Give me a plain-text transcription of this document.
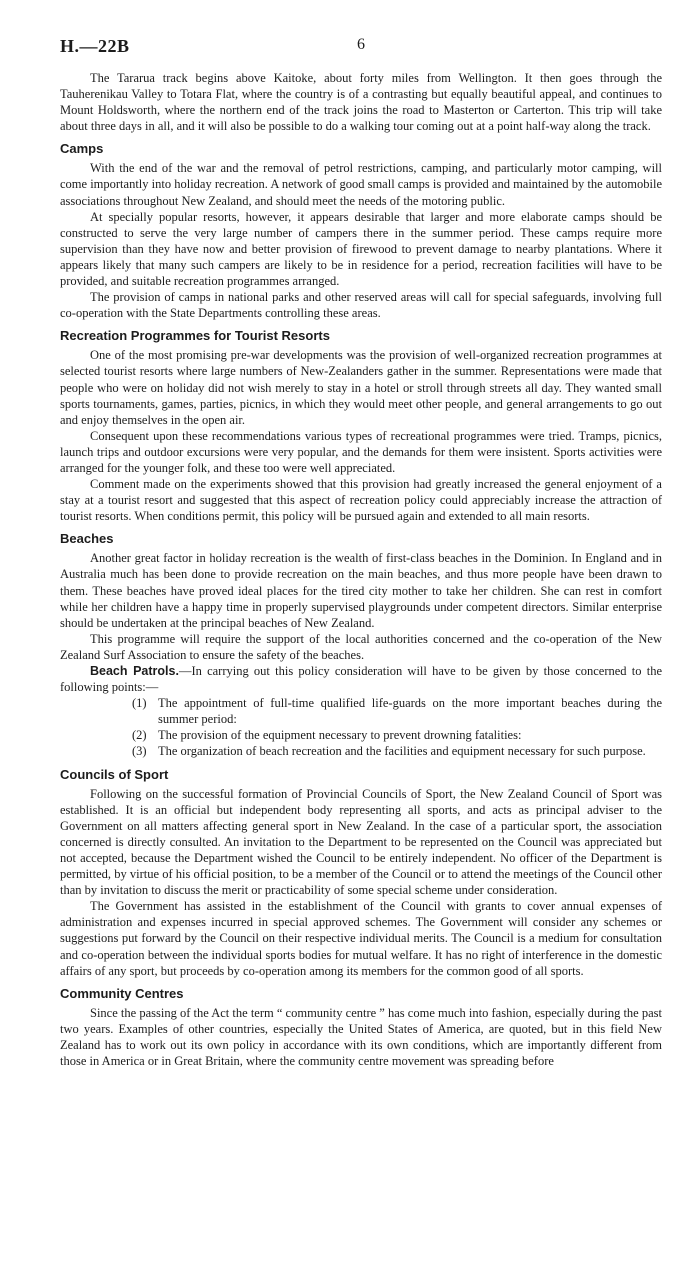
H.—22B	6

The Tararua track begins above Kaitoke, about forty miles from Wellington. It then goes through the Tauherenikau Valley to Totara Flat, where the country is of a contrasting but equally beautiful appeal, and continues to Mount Holdsworth, where the northern end of the track joins the road to Masterton or Carterton. This trip will take about three days in all, and it will also be possible to do a walking tour coming out at a point half-way along the track.

Camps

With the end of the war and the removal of petrol restrictions, camping, and particularly motor camping, will come importantly into holiday recreation. A network of good small camps is provided and maintained by the automobile associations throughout New Zealand, and should meet the needs of the motoring public.

At specially popular resorts, however, it appears desirable that larger and more elaborate camps should be constructed to serve the very large number of campers there in the summer period. These camps require more supervision than they have now and better provision of firewood to prevent damage to nearby plantations. Where it appears likely that many such campers are likely to be in residence for a period, recreation facilities will have to be provided, and suitable recreation programmes arranged.

The provision of camps in national parks and other reserved areas will call for special safeguards, involving full co-operation with the State Departments controlling these areas.

Recreation Programmes for Tourist Resorts

One of the most promising pre-war developments was the provision of well-organized recreation programmes at selected tourist resorts where large numbers of New-Zealanders gather in the summer. Representations were made that people who were on holiday did not wish merely to stay in a hotel or stroll through streets all day. They wanted small sports tournaments, games, parties, picnics, in which they would meet other people, and general arrangements to go out and enjoy themselves in the open air.

Consequent upon these recommendations various types of recreational programmes were tried. Tramps, picnics, launch trips and outdoor excursions were very popular, and the demands for them were insistent. Sports activities were arranged for the younger folk, and these too were well appreciated.

Comment made on the experiments showed that this provision had greatly increased the general enjoyment of a stay at a tourist resort and suggested that this aspect of recreation policy could appreciably increase the attraction of tourist resorts. When conditions permit, this policy will be pursued again and extended to all main resorts.

Beaches

Another great factor in holiday recreation is the wealth of first-class beaches in the Dominion. In England and in Australia much has been done to provide recreation on the main beaches, and thus more people have been drawn to them. These beaches have proved ideal places for the tired city mother to take her children. She can rest in comfort while her children have a happy time in properly supervised playgrounds under competent directors. Similar enterprise should be undertaken at the principal beaches of New Zealand.

This programme will require the support of the local authorities concerned and the co-operation of the New Zealand Surf Association to ensure the safety of the beaches.

Beach Patrols.—In carrying out this policy consideration will have to be given by those concerned to the following points:—

(1) The appointment of full-time qualified life-guards on the more important beaches during the summer period:
(2) The provision of the equipment necessary to prevent drowning fatalities:
(3) The organization of beach recreation and the facilities and equipment necessary for such purpose.
Councils of Sport

Following on the successful formation of Provincial Councils of Sport, the New Zealand Council of Sport was established. It is an official but independent body representing all sports, and acts as principal adviser to the Government on all matters affecting general sport in New Zealand. In the case of a particular sport, the association concerned is directly consulted. An invitation to the Department to be represented on the Council was appreciated but not accepted, because the Department wished the Council to be entirely independent. No officer of the Department is permitted, by virtue of his official position, to be a member of the Council or to attend the meetings of the Council other than by invitation to discuss the merit or practicability of some special scheme under consideration.

The Government has assisted in the establishment of the Council with grants to cover annual expenses of administration and expenses incurred in special approved schemes. The Government will consider any schemes or suggestions put forward by the Council on their respective individual merits. The Council is a medium for consultation and co-operation between the individual sports bodies for mutual welfare. It has no right of interference in the domestic affairs of any sport, but proceeds by co-operation among its members for the common good of all sports.

Community Centres

Since the passing of the Act the term “ community centre ” has come much into fashion, especially during the past two years. Examples of other countries, especially the United States of America, are quoted, but in this field New Zealand has to work out its own policy in accordance with its own conditions, which are importantly different from those in America or in Great Britain, where the community centre movement was spreading before
